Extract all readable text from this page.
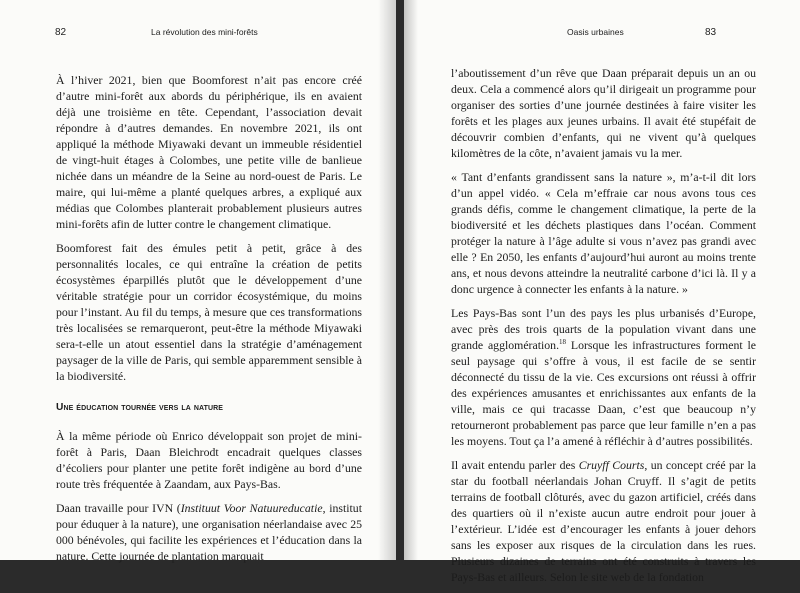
82	La révolution des mini-forêts

À l’hiver 2021, bien que Boomforest n’ait pas encore créé d’autre mini-forêt aux abords du périphérique, ils en avaient déjà une troisième en tête. Cependant, l’association devait répondre à d’autres demandes. En novembre 2021, ils ont appliqué la méthode Miyawaki devant un immeuble résidentiel de vingt-huit étages à Colombes, une petite ville de banlieue nichée dans un méandre de la Seine au nord-ouest de Paris. Le maire, qui lui-même a planté quelques arbres, a expliqué aux médias que Colombes planterait probablement plusieurs autres mini-forêts afin de lutter contre le changement climatique.

Boomforest fait des émules petit à petit, grâce à des personnalités locales, ce qui entraîne la création de petits écosystèmes éparpillés plutôt que le développement d’une véritable stratégie pour un corridor écosystémique, du moins pour l’instant. Au fil du temps, à mesure que ces transformations très localisées se remarqueront, peut-être la méthode Miyawaki sera-t-elle un atout essentiel dans la stratégie d’aménagement paysager de la ville de Paris, qui semble apparemment sensible à la biodiversité.

Une éducation tournée vers la nature

À la même période où Enrico développait son projet de mini-forêt à Paris, Daan Bleichrodt encadrait quelques classes d’écoliers pour planter une petite forêt indigène au bord d’une route très fréquentée à Zaandam, aux Pays-Bas.

Daan travaille pour IVN (Instituut Voor Natuureducatie, institut pour éduquer à la nature), une organisation néerlandaise avec 25 000 bénévoles, qui facilite les expériences et l’éducation dans la nature. Cette journée de plantation marquait

Oasis urbaines	83

l’aboutissement d’un rêve que Daan préparait depuis un an ou deux. Cela a commencé alors qu’il dirigeait un programme pour organiser des sorties d’une journée destinées à faire visiter les forêts et les plages aux jeunes urbains. Il avait été stupéfait de découvrir combien d’enfants, qui ne vivent qu’à quelques kilomètres de la côte, n’avaient jamais vu la mer.

« Tant d’enfants grandissent sans la nature », m’a-t-il dit lors d’un appel vidéo. « Cela m’effraie car nous avons tous ces grands défis, comme le changement climatique, la perte de la biodiversité et les déchets plastiques dans l’océan. Comment protéger la nature à l’âge adulte si vous n’avez pas grandi avec elle ? En 2050, les enfants d’aujourd’hui auront au moins trente ans, et nous devons atteindre la neutralité carbone d’ici là. Il y a donc urgence à connecter les enfants à la nature. »

Les Pays-Bas sont l’un des pays les plus urbanisés d’Europe, avec près des trois quarts de la population vivant dans une grande agglomération.$^{18}$ Lorsque les infrastructures forment le seul paysage qui s’offre à vous, il est facile de se sentir déconnecté du tissu de la vie. Ces excursions ont réussi à offrir des expériences amusantes et enrichissantes aux enfants de la ville, mais ce qui tracasse Daan, c’est que beaucoup n’y retourneront probablement pas parce que leur famille n’en a pas les moyens. Tout ça l’a amené à réfléchir à d’autres possibilités.

Il avait entendu parler des Cruyff Courts, un concept créé par la star du football néerlandais Johan Cruyff. Il s’agit de petits terrains de football clôturés, avec du gazon artificiel, créés dans des quartiers où il n’existe aucun autre endroit pour jouer à l’extérieur. L’idée est d’encourager les enfants à jouer dehors sans les exposer aux risques de la circulation dans les rues. Plusieurs dizaines de terrains ont été construits à travers les Pays-Bas et ailleurs. Selon le site web de la fondation
